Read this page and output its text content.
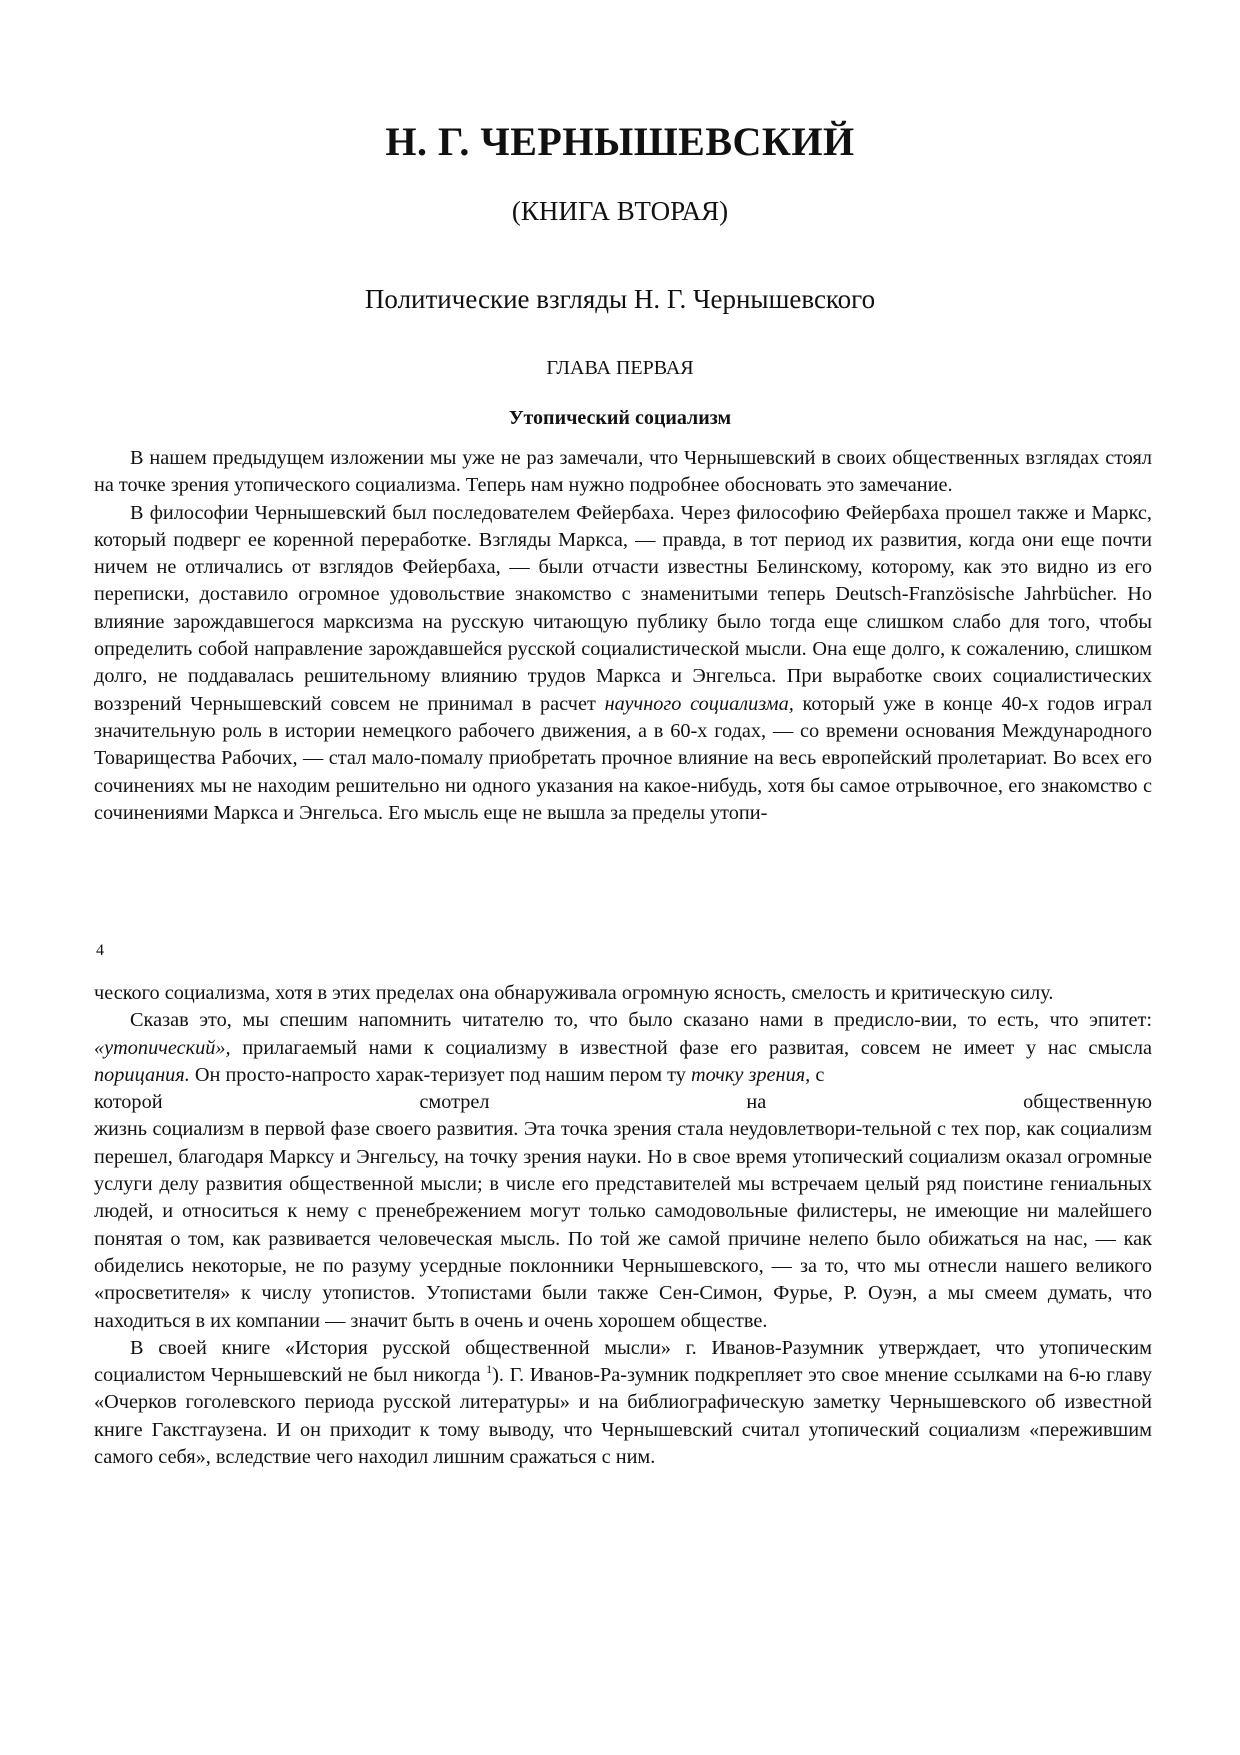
Н. Г. ЧЕРНЫШЕВСКИЙ
(КНИГА ВТОРАЯ)
Политические взгляды Н. Г. Чернышевского
ГЛАВА ПЕРВАЯ
Утопический социализм

В нашем предыдущем изложении мы уже не раз замечали, что Чернышевский в своих общественных взглядах стоял на точке зрения утопического социализма. Теперь нам нужно подробнее обосновать это замечание.

В философии Чернышевский был последователем Фейербаха. Через философию Фейербаха прошел также и Маркс, который подверг ее коренной переработке. Взгляды Маркса, — правда, в тот период их развития, когда они еще почти ничем не отличались от взглядов Фейербаха, — были отчасти известны Белинскому, которому, как это видно из его переписки, доставило огромное удовольствие знакомство с знаменитыми теперь Deutsch-Französische Jahrbücher. Но влияние зарождавшегося марксизма на русскую читающую публику было тогда еще слишком слабо для того, чтобы определить собой направление зарождавшейся русской социалистической мысли. Она еще долго, к сожалению, слишком долго, не поддавалась решительному влиянию трудов Маркса и Энгельса. При выработке своих социалистических воззрений Чернышевский совсем не принимал в расчет научного социализма, который уже в конце 40-х годов играл значительную роль в истории немецкого рабочего движения, а в 60-х годах, — со времени основания Международного Товарищества Рабочих, — стал мало-помалу приобретать прочное влияние на весь европейский пролетариат. Во всех его сочинениях мы не находим решительно ни одного указания на какое-нибудь, хотя бы самое отрывочное, его знакомство с сочинениями Маркса и Энгельса. Его мысль еще не вышла за пределы утопи-

4

ческого социализма, хотя в этих пределах она обнаруживала огромную ясность, смелость и критическую силу.

Сказав это, мы спешим напомнить читателю то, что было сказано нами в предисло-вии, то есть, что эпитет: «утопический», прилагаемый нами к социализму в известной фазе его развитая, совсем не имеет у нас смысла порицания. Он просто-напросто харак-теризует под нашим пером ту точку зрения, с

которой	смотрел	на	общественную

жизнь социализм в первой фазе своего развития. Эта точка зрения стала неудовлетвори-тельной с тех пор, как социализм перешел, благодаря Марксу и Энгельсу, на точку зрения науки. Но в свое время утопический социализм оказал огромные услуги делу развития общественной мысли; в числе его представителей мы встречаем целый ряд поистине гениальных людей, и относиться к нему с пренебрежением могут только самодовольные филистеры, не имеющие ни малейшего понятая о том, как развивается человеческая мысль. По той же самой причине нелепо было обижаться на нас, — как обиделись некоторые, не по разуму усердные поклонники Чернышевского, — за то, что мы отнесли нашего великого «просветителя» к числу утопистов. Утопистами были также Сен-Симон, Фурье, Р. Оуэн, а мы смеем думать, что находиться в их компании — значит быть в очень и очень хорошем обществе.

В своей книге «История русской общественной мысли» г. Иванов-Разумник утверждает, что утопическим социалистом Чернышевский не был никогда $^1$). Г. Иванов-Ра-зумник подкрепляет это свое мнение ссылками на 6-ю главу «Очерков гоголевского периода русской литературы» и на библиографическую заметку Чернышевского об известной книге Гакстгаузена. И он приходит к тому выводу, что Чернышевский считал утопический социализм «пережившим самого себя», вследствие чего находил лишним сражаться с ним.
